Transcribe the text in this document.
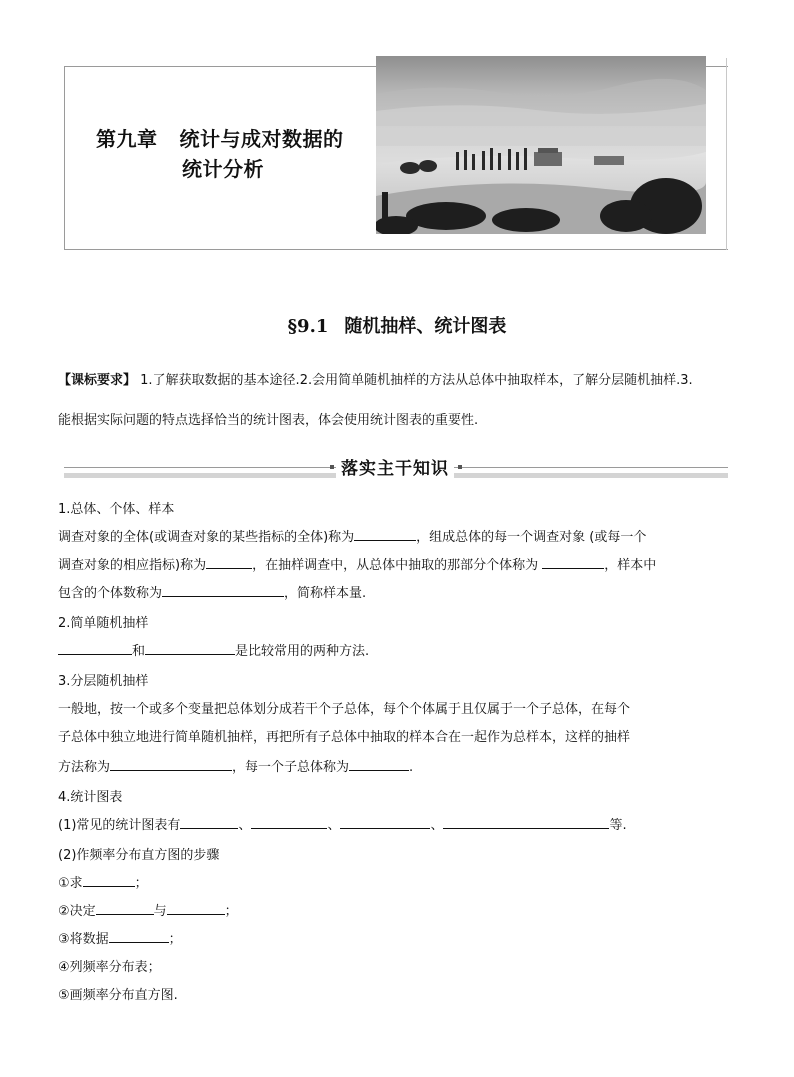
第九章 统计与成对数据的
统计分析
§9.1 随机抽样、统计图表
【课标要求】 1.了解获取数据的基本途径.2.会用简单随机抽样的方法从总体中抽取样本，了解分层随机抽样.3.
能根据实际问题的特点选择恰当的统计图表，体会使用统计图表的重要性.
落实主干知识
1.总体、个体、样本
调查对象的全体(或调查对象的某些指标的全体)称为	，组成总体的每一个调查对象 (或每一个
调查对象的相应指标)称为	，在抽样调查中，从总体中抽取的那部分个体称为	，样本中
包含的个体数称为	，简称样本量.
2.简单随机抽样
和	是比较常用的两种方法.
3.分层随机抽样
一般地，按一个或多个变量把总体划分成若干个子总体，每个个体属于且仅属于一个子总体，在每个
子总体中独立地进行简单随机抽样，再把所有子总体中抽取的样本合在一起作为总样本，这样的抽样
方法称为	，每一个子总体称为	.
4.统计图表
(1)常见的统计图表有	、	、	、	等.
(2)作频率分布直方图的步骤
①求	；
②决定	与	；
③将数据	；
④列频率分布表；
⑤画频率分布直方图.
